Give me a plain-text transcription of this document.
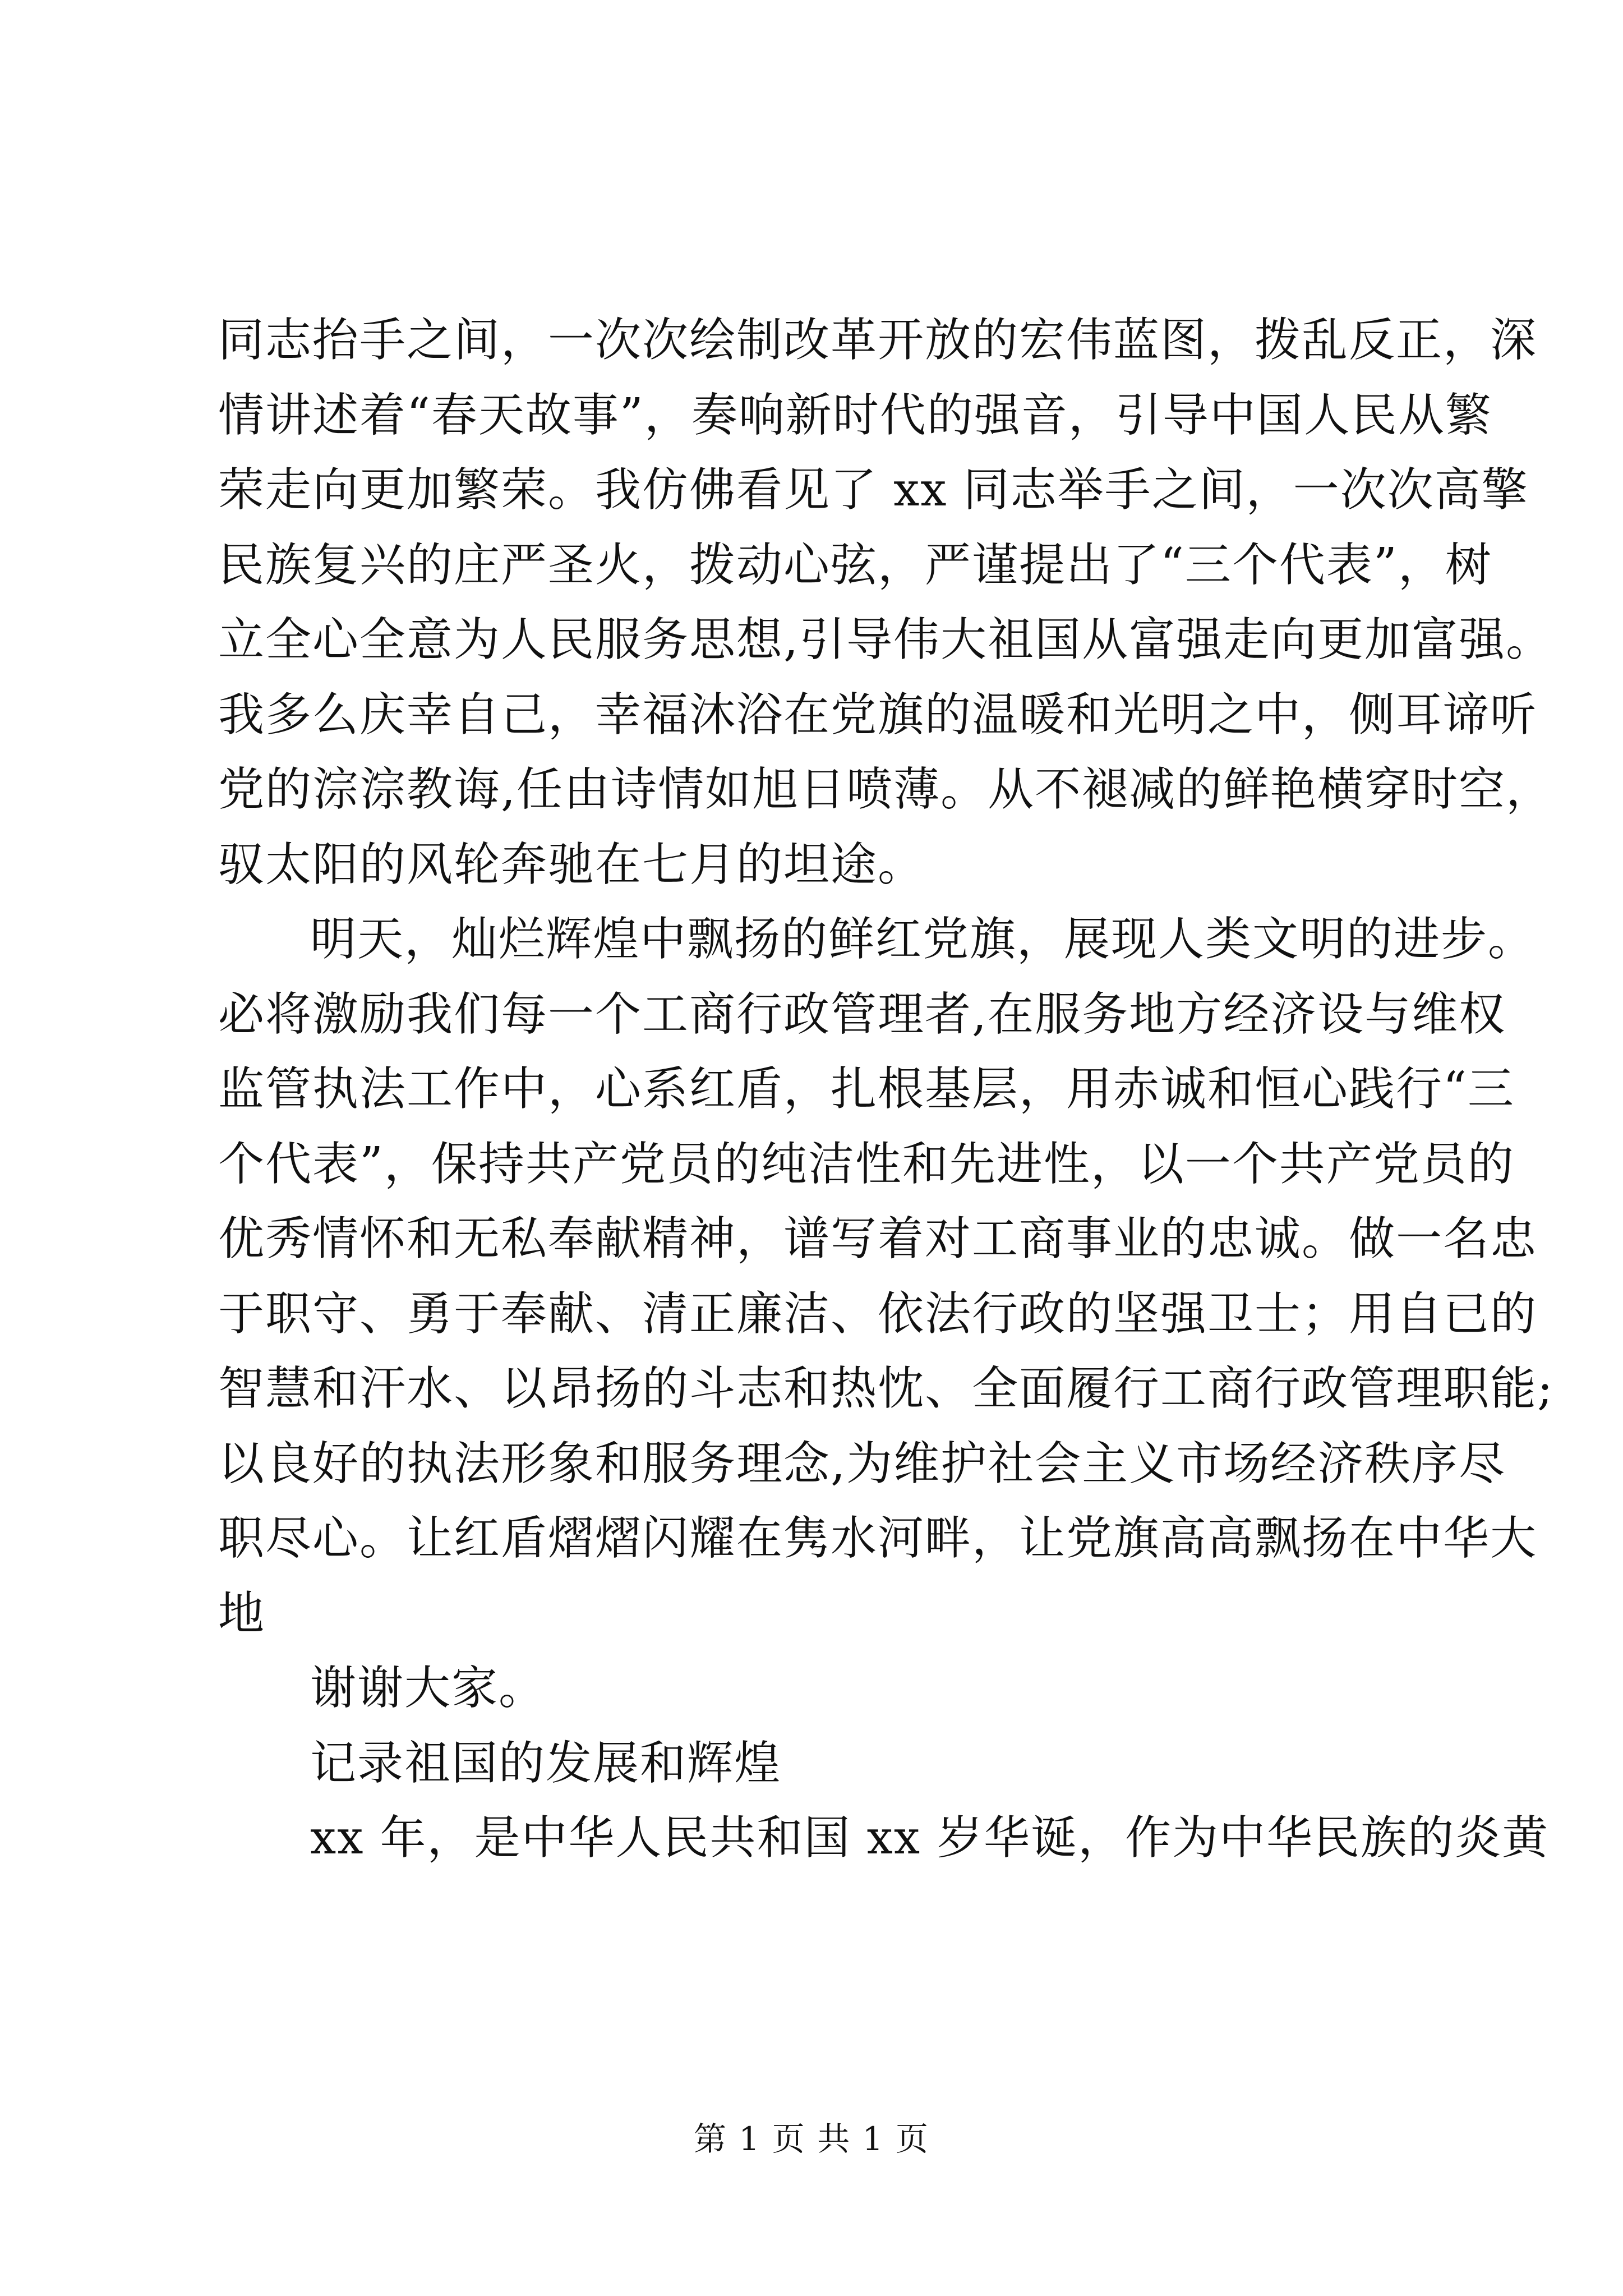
同志抬手之间，一次次绘制改革开放的宏伟蓝图，拨乱反正，深
情讲述着“春天故事”，奏响新时代的强音，引导中国人民从繁
荣走向更加繁荣。我仿佛看见了 xx 同志举手之间，一次次高擎
民族复兴的庄严圣火，拨动心弦，严谨提出了“三个代表”，树
立全心全意为人民服务思想,引导伟大祖国从富强走向更加富强。
我多么庆幸自己，幸福沐浴在党旗的温暖和光明之中，侧耳谛听
党的淙淙教诲,任由诗情如旭日喷薄。从不褪减的鲜艳横穿时空，
驭太阳的风轮奔驰在七月的坦途。
明天，灿烂辉煌中飘扬的鲜红党旗，展现人类文明的进步。
必将激励我们每一个工商行政管理者,在服务地方经济设与维权
监管执法工作中，心系红盾，扎根基层，用赤诚和恒心践行“三
个代表”，保持共产党员的纯洁性和先进性，以一个共产党员的
优秀情怀和无私奉献精神，谱写着对工商事业的忠诚。做一名忠
于职守、勇于奉献、清正廉洁、依法行政的坚强卫士；用自已的
智慧和汗水、以昂扬的斗志和热忱、全面履行工商行政管理职能;
以良好的执法形象和服务理念,为维护社会主义市场经济秩序尽
职尽心。让红盾熠熠闪耀在隽水河畔，让党旗高高飘扬在中华大
地
谢谢大家。
记录祖国的发展和辉煌
xx 年，是中华人民共和国 xx 岁华诞，作为中华民族的炎黄
第 1 页 共 1 页
